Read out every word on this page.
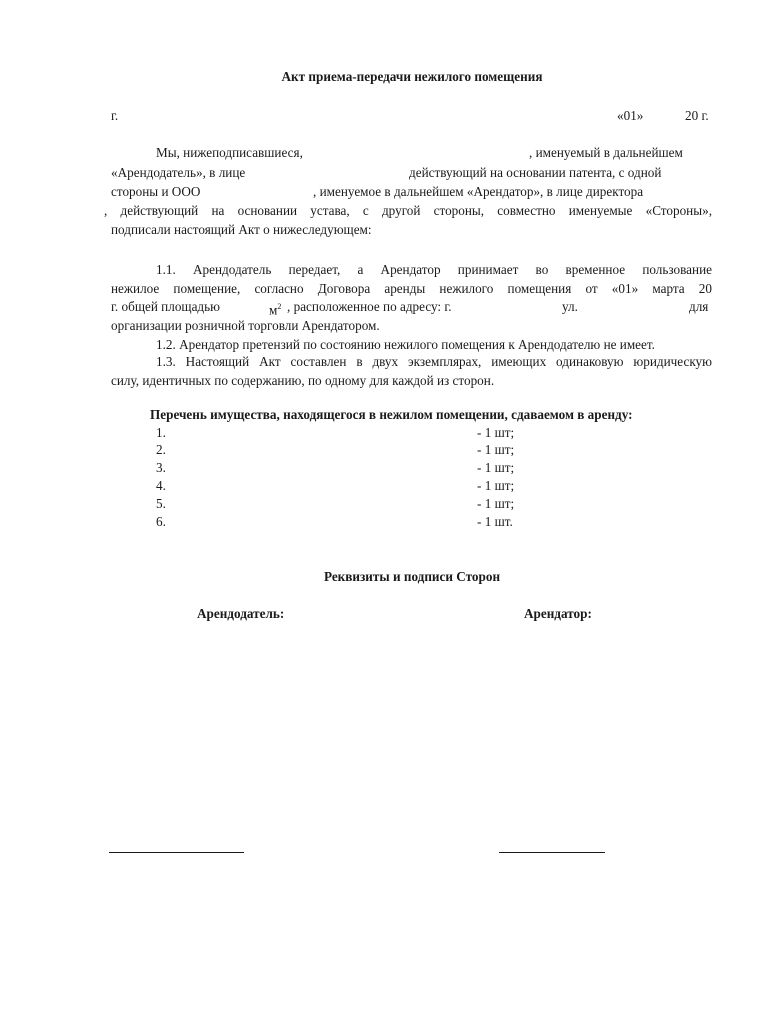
Акт приема-передачи нежилого помещения
г.	«01»	20 г.
Мы, нижеподписавшиеся,	, именуемый в дальнейшем
«Арендодатель», в лице	действующий на основании патента, с одной
стороны и ООО	, именуемое в дальнейшем «Арендатор», в лице директора
, действующий на основании устава, с другой стороны, совместно именуемые «Стороны»,
подписали настоящий Акт о нижеследующем:
1.1. Арендодатель передает, а Арендатор принимает во временное пользование
нежилое помещение, согласно Договора аренды нежилого помещения от «01» марта 20
г. общей площадью	$м^2$ , расположенное по адресу: г.	ул.	для
организации розничной торговли Арендатором.
1.2. Арендатор претензий по состоянию нежилого помещения к Арендодателю не имеет.
1.3. Настоящий Акт составлен в двух экземплярах, имеющих одинаковую юридическую
силу, идентичных по содержанию, по одному для каждой из сторон.
Перечень имущества, находящегося в нежилом помещении, сдаваемом в аренду:
1.	- 1 шт;
2.	- 1 шт;
3.	- 1 шт;
4.	- 1 шт;
5.	- 1 шт;
6.	- 1 шт.
Реквизиты и подписи Сторон
Арендодатель:	Арендатор:
